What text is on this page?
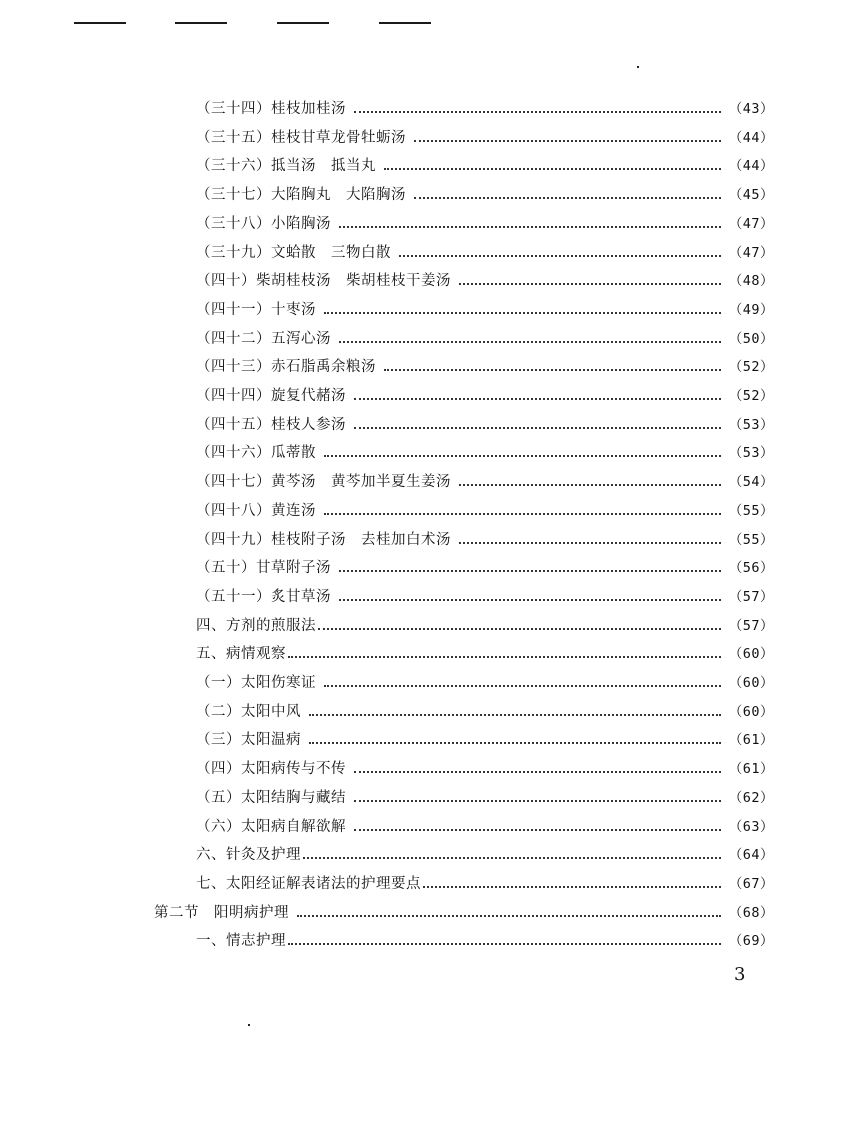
（三十四）桂枝加桂汤	（43）
（三十五）桂枝甘草龙骨牡蛎汤	（44）
（三十六）抵当汤　抵当丸	（44）
（三十七）大陷胸丸　大陷胸汤	（45）
（三十八）小陷胸汤	（47）
（三十九）文蛤散　三物白散	（47）
（四十）柴胡桂枝汤　柴胡桂枝干姜汤	（48）
（四十一）十枣汤	（49）
（四十二）五泻心汤	（50）
（四十三）赤石脂禹余粮汤	（52）
（四十四）旋复代赭汤	（52）
（四十五）桂枝人参汤	（53）
（四十六）瓜蒂散	（53）
（四十七）黄芩汤　黄芩加半夏生姜汤	（54）
（四十八）黄连汤	（55）
（四十九）桂枝附子汤　去桂加白术汤	（55）
（五十）甘草附子汤	（56）
（五十一）炙甘草汤	（57）
四、方剂的煎服法	（57）
五、病情观察	（60）
（一）太阳伤寒证	（60）
（二）太阳中风	（60）
（三）太阳温病	（61）
（四）太阳病传与不传	（61）
（五）太阳结胸与藏结	（62）
（六）太阳病自解欲解	（63）
六、针灸及护理	（64）
七、太阳经证解表诸法的护理要点	（67）
第二节　阳明病护理	（68）
一、情志护理	（69）
3
